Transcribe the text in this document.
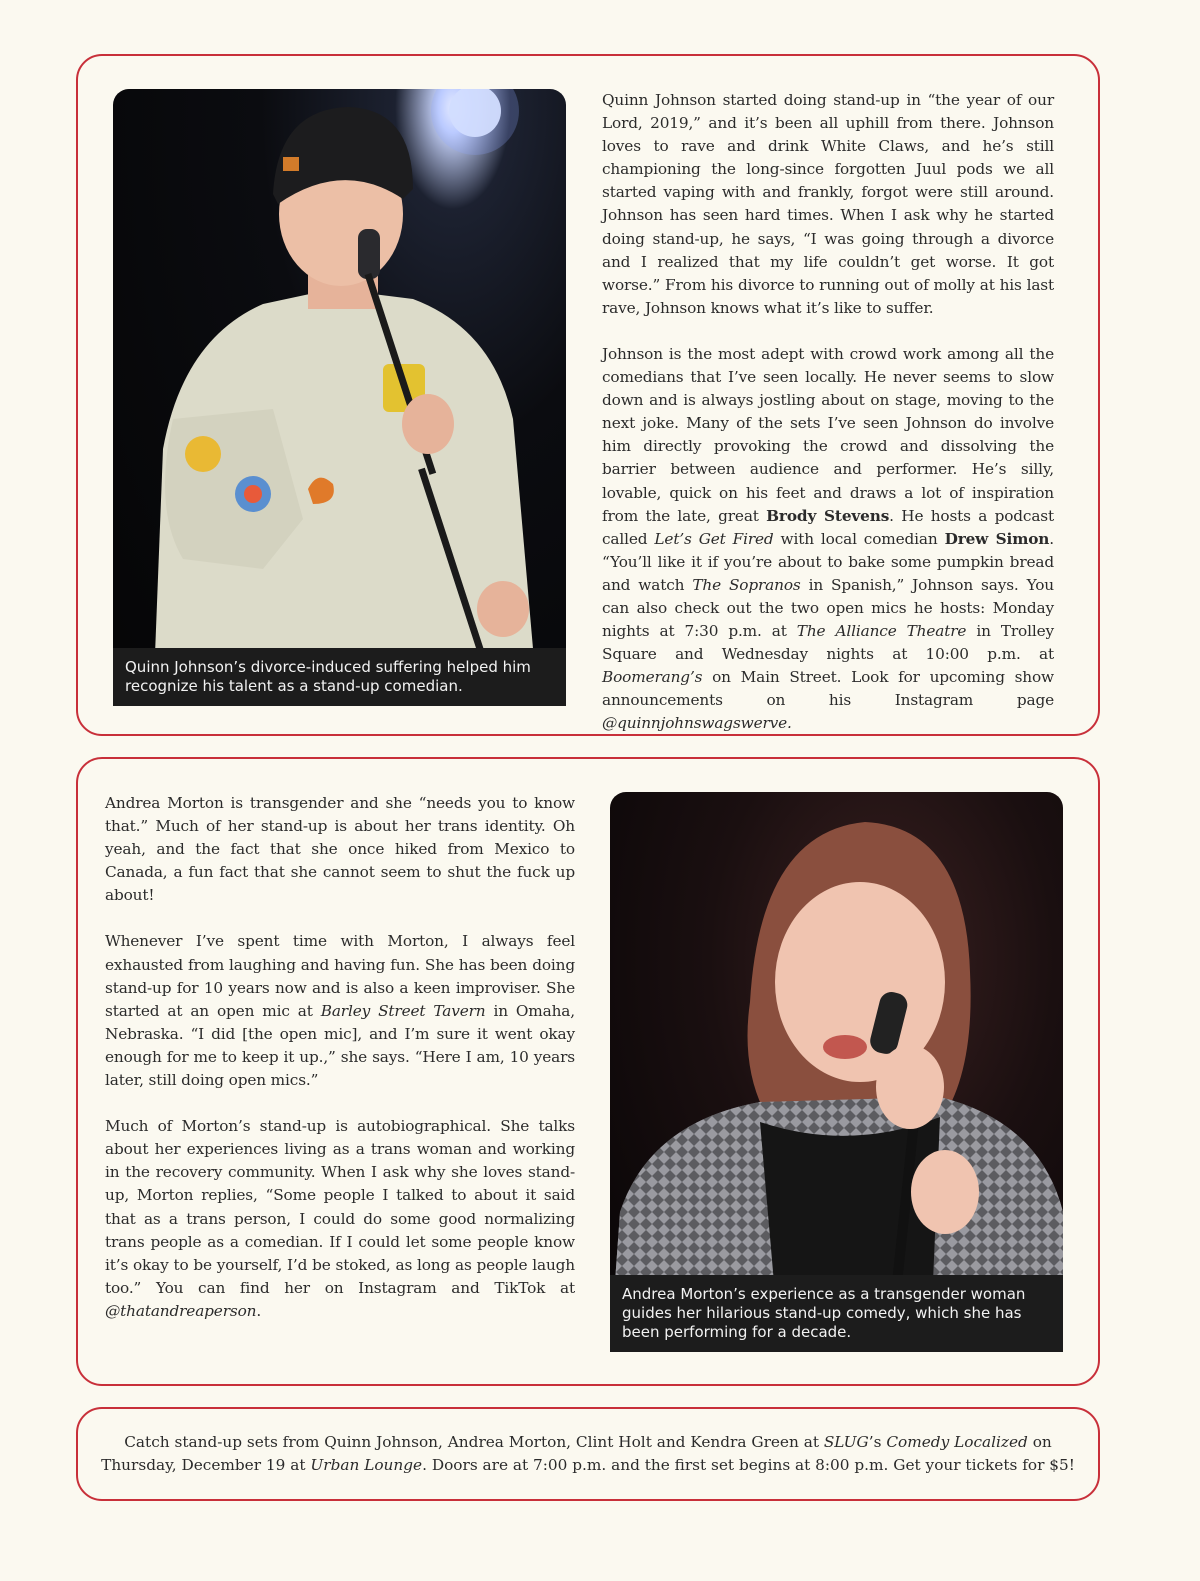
Quinn Johnson’s divorce-induced suffering helped him recognize his talent as a stand-up comedian.

Quinn Johnson started doing stand-up in “the year of our Lord, 2019,” and it’s been all uphill from there. Johnson loves to rave and drink White Claws, and he’s still championing the long-since forgotten Juul pods we all started vaping with and frankly, forgot were still around. Johnson has seen hard times. When I ask why he started doing stand-up, he says, “I was going through a divorce and I realized that my life couldn’t get worse. It got worse.” From his divorce to running out of molly at his last rave, Johnson knows what it’s like to suffer.

Johnson is the most adept with crowd work among all the comedians that I’ve seen locally. He never seems to slow down and is always jostling about on stage, moving to the next joke. Many of the sets I’ve seen Johnson do involve him directly provoking the crowd and dissolving the barrier between audience and performer. He’s silly, lovable, quick on his feet and draws a lot of inspiration from the late, great Brody Stevens. He hosts a podcast called Let’s Get Fired with local comedian Drew Simon. “You’ll like it if you’re about to bake some pumpkin bread and watch The Sopranos in Spanish,” Johnson says. You can also check out the two open mics he hosts: Monday nights at 7:30 p.m. at The Alliance Theatre in Trolley Square and Wednesday nights at 10:00 p.m. at Boomerang’s on Main Street. Look for upcoming show announcements on his Instagram page @quinnjohnswagswerve.

Andrea Morton is transgender and she “needs you to know that.” Much of her stand-up is about her trans identity. Oh yeah, and the fact that she once hiked from Mexico to Canada, a fun fact that she cannot seem to shut the fuck up about!

Whenever I’ve spent time with Morton, I always feel exhausted from laughing and having fun. She has been doing stand-up for 10 years now and is also a keen improviser. She started at an open mic at Barley Street Tavern in Omaha, Nebraska. “I did [the open mic], and I’m sure it went okay enough for me to keep it up.,” she says. “Here I am, 10 years later, still doing open mics.”

Much of Morton’s stand-up is autobiographical. She talks about her experiences living as a trans woman and working in the recovery community. When I ask why she loves stand-up, Morton replies, “Some people I talked to about it said that as a trans person, I could do some good normalizing trans people as a comedian. If I could let some people know it’s okay to be yourself, I’d be stoked, as long as people laugh too.” You can find her on Instagram and TikTok at @thatandreaperson.

Andrea Morton’s experience as a transgender woman guides her hilarious stand-up comedy, which she has been performing for a decade.
Catch stand-up sets from Quinn Johnson, Andrea Morton, Clint Holt and Kendra Green at SLUG’s Comedy Localized on Thursday, December 19 at Urban Lounge. Doors are at 7:00 p.m. and the first set begins at 8:00 p.m. Get your tickets for $5!
